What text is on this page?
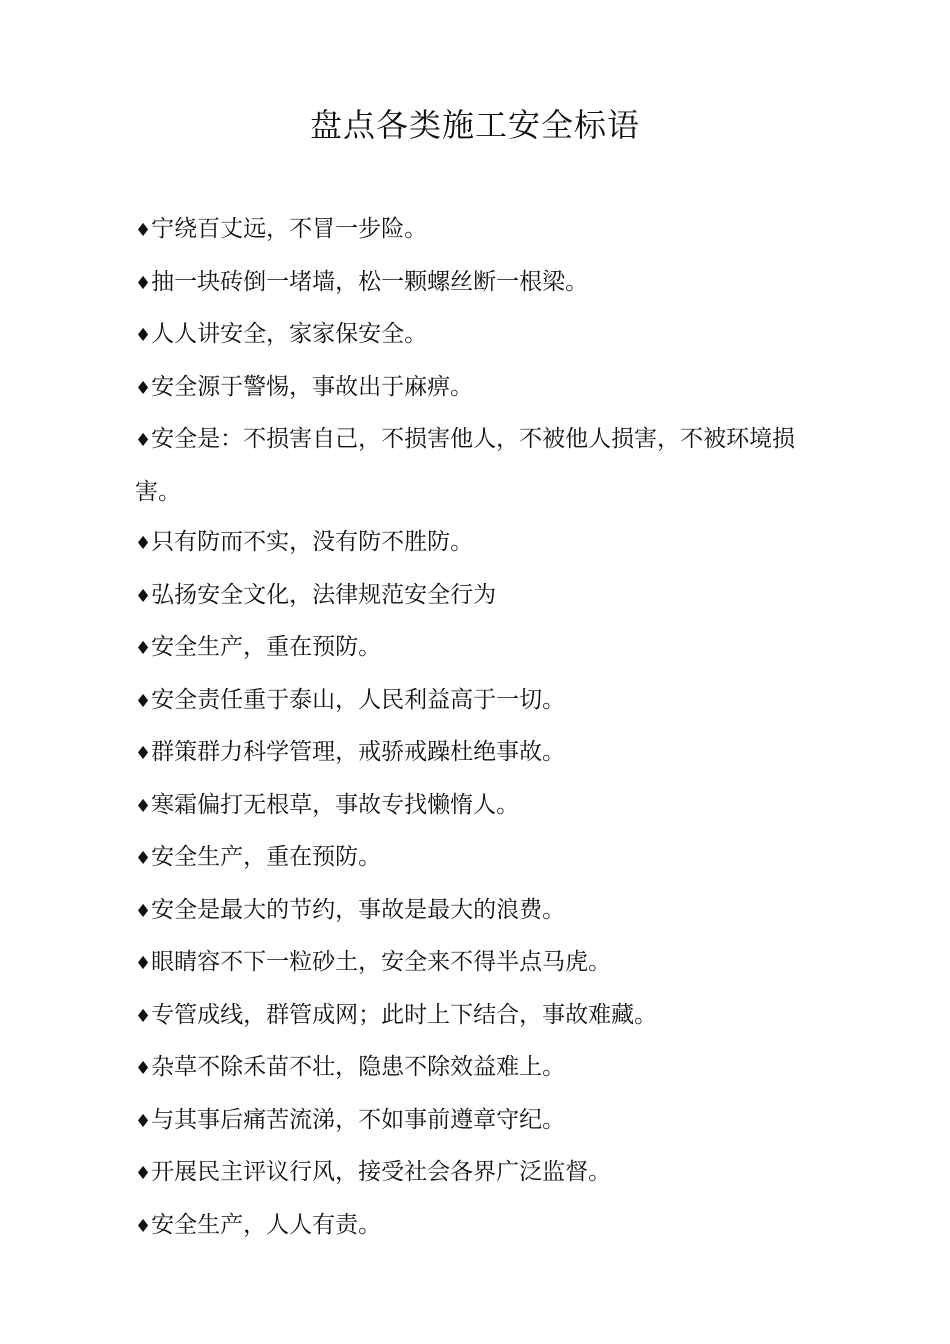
盘点各类施工安全标语
♦宁绕百丈远，不冒一步险。
♦抽一块砖倒一堵墙，松一颗螺丝断一根梁。
♦人人讲安全，家家保安全。
♦安全源于警惕，事故出于麻痹。
♦安全是：不损害自己，不损害他人，不被他人损害，不被环境损害。
♦只有防而不实，没有防不胜防。
♦弘扬安全文化，法律规范安全行为
♦安全生产，重在预防。
♦安全责任重于泰山，人民利益高于一切。
♦群策群力科学管理，戒骄戒躁杜绝事故。
♦寒霜偏打无根草，事故专找懒惰人。
♦安全生产，重在预防。
♦安全是最大的节约，事故是最大的浪费。
♦眼睛容不下一粒砂土，安全来不得半点马虎。
♦专管成线，群管成网；此时上下结合，事故难藏。
♦杂草不除禾苗不壮，隐患不除效益难上。
♦与其事后痛苦流涕，不如事前遵章守纪。
♦开展民主评议行风，接受社会各界广泛监督。
♦安全生产，人人有责。
